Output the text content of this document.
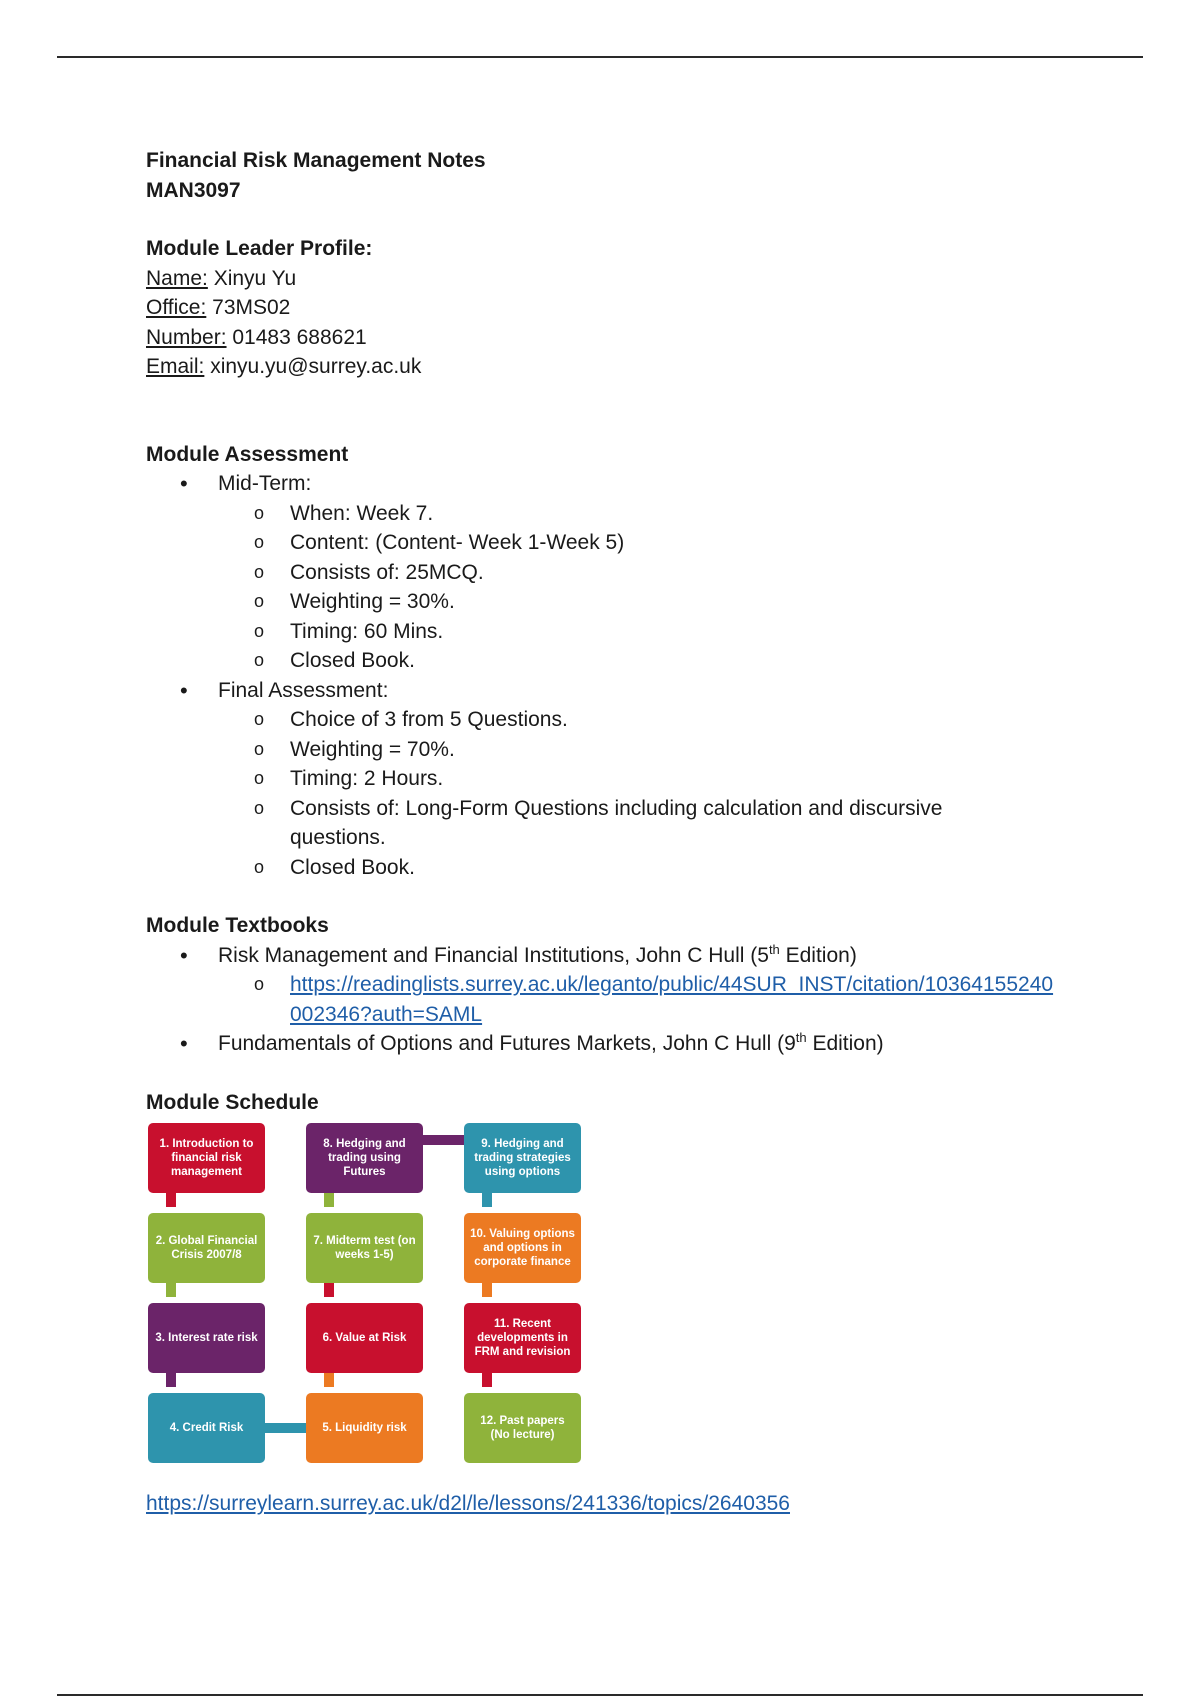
Financial Risk Management Notes
MAN3097
Module Leader Profile:
Name: Xinyu Yu
Office: 73MS02
Number: 01483 688621
Email: xinyu.yu@surrey.ac.uk
Module Assessment
• Mid-Term:
o When: Week 7.
o Content: (Content- Week 1-Week 5)
o Consists of: 25MCQ.
o Weighting = 30%.
o Timing: 60 Mins.
o Closed Book.
• Final Assessment:
o Choice of 3 from 5 Questions.
o Weighting = 70%.
o Timing: 2 Hours.
o Consists of: Long-Form Questions including calculation and discursive questions.
o Closed Book.
Module Textbooks
• Risk Management and Financial Institutions, John C Hull (5th Edition)
o https://readinglists.surrey.ac.uk/leganto/public/44SUR_INST/citation/10364155240002346?auth=SAML
• Fundamentals of Options and Futures Markets, John C Hull (9th Edition)
Module Schedule
1. Introduction to financial risk management
2. Global Financial Crisis 2007/8
3. Interest rate risk
4. Credit Risk	5. Liquidity risk
6. Value at Risk
7. Midterm test (on weeks 1-5)
8. Hedging and trading using Futures
9. Hedging and trading strategies using options
10. Valuing options and options in corporate finance
11. Recent developments in FRM and revision
12. Past papers (No lecture)
https://surreylearn.surrey.ac.uk/d2l/le/lessons/241336/topics/2640356
